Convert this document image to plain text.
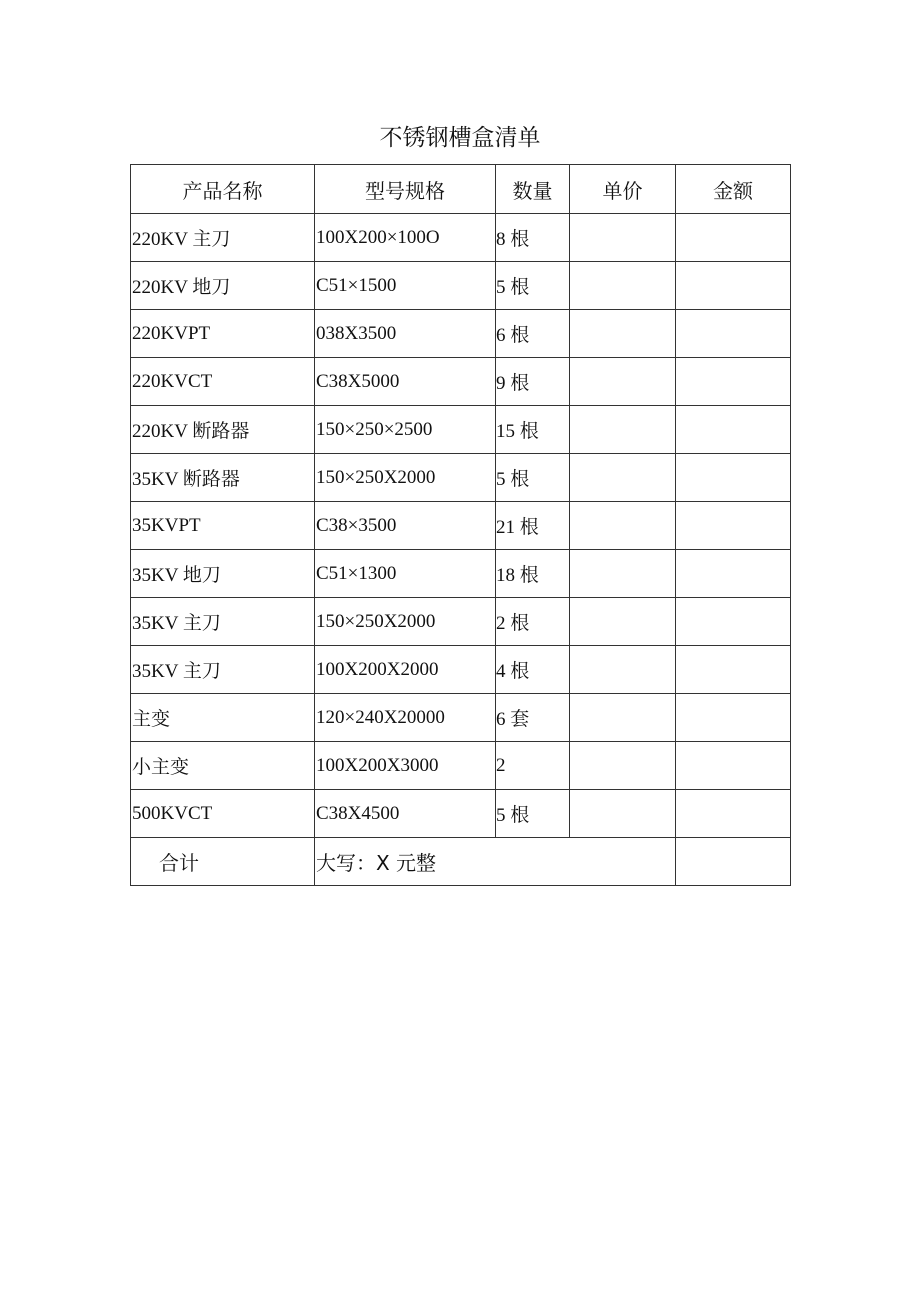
不锈钢槽盒清单
产品名称	型号规格	数量	单价	金额
220KV 主刀	100X200×100O	8 根		
220KV 地刀	C51×1500	5 根		
220KVPT	038X3500	6 根		
220KVCT	C38X5000	9 根		
220KV 断路器	150×250×2500	15 根		
35KV 断路器	150×250X2000	5 根		
35KVPT	C38×3500	21 根		
35KV 地刀	C51×1300	18 根		
35KV 主刀	150×250X2000	2 根		
35KV 主刀	100X200X2000	4 根		
主变	120×240X20000	6 套		
小主变	100X200X3000	2		
500KVCT	C38X4500	5 根		
合计	大写：X 元整			
